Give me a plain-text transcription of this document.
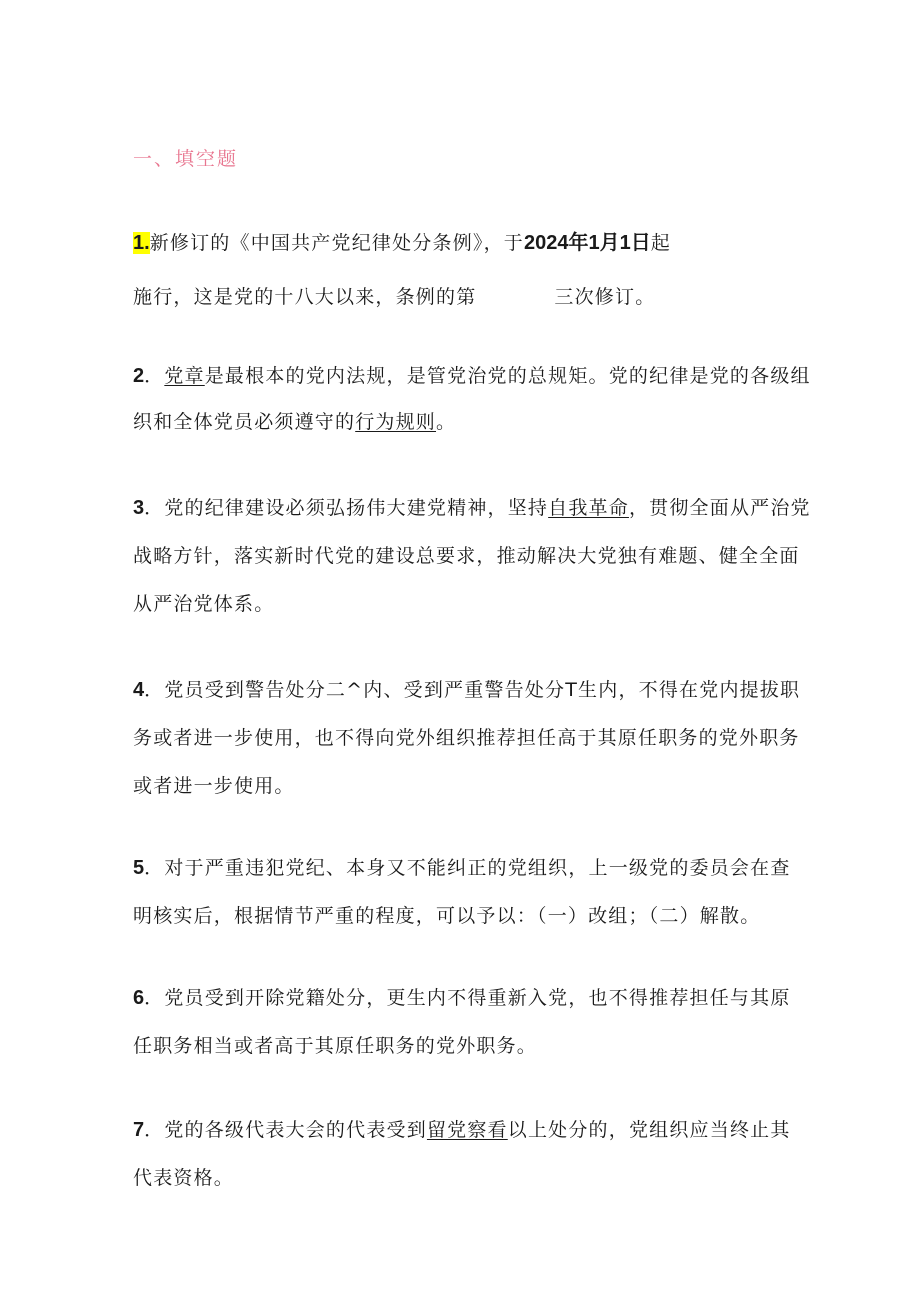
一、填空题
1.新修订的《中国共产党纪律处分条例》，于2024年1月1日起
施行，这是党的十八大以来，条例的第	三次修订。
2．党章是最根本的党内法规，是管党治党的总规矩。党的纪律是党的各级组
织和全体党员必须遵守的行为规则。
3．党的纪律建设必须弘扬伟大建党精神，坚持自我革命，贯彻全面从严治党
战略方针，落实新时代党的建设总要求，推动解决大党独有难题、健全全面
从严治党体系。
4．党员受到警告处分二^内、受到严重警告处分T生内，不得在党内提拔职
务或者进一步使用，也不得向党外组织推荐担任高于其原任职务的党外职务
或者进一步使用。
5．对于严重违犯党纪、本身又不能纠正的党组织，上一级党的委员会在查
明核实后，根据情节严重的程度，可以予以：（一）改组；（二）解散。
6．党员受到开除党籍处分，更生内不得重新入党，也不得推荐担任与其原
任职务相当或者高于其原任职务的党外职务。
7．党的各级代表大会的代表受到留党察看以上处分的，党组织应当终止其
代表资格。
